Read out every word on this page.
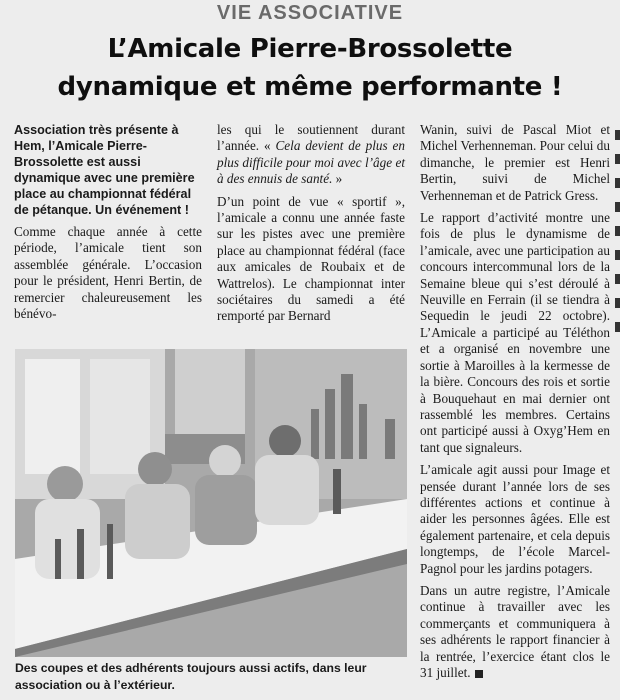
VIE ASSOCIATIVE
L’Amicale Pierre-Brossolette
dynamique et même performante !

Association très présente à Hem, l’Amicale Pierre-Brossolette est aussi dynamique avec une première place au championnat fédéral de pétanque. Un événement !

Comme chaque année à cette période, l’amicale tient son assemblée générale. L’occasion pour le président, Henri Bertin, de remercier chaleureusement les bénévo-

les qui le soutiennent durant l’année. « Cela devient de plus en plus difficile pour moi avec l’âge et à des ennuis de santé. »

D’un point de vue « sportif », l’amicale a connu une année faste sur les pistes avec une première place au championnat fédéral (face aux amicales de Roubaix et de Wattrelos). Le championnat inter sociétaires du samedi a été remporté par Bernard

Wanin, suivi de Pascal Miot et Michel Verhenneman. Pour celui du dimanche, le premier est Henri Bertin, suivi de Michel Verhenneman et de Patrick Gress.

Le rapport d’activité montre une fois de plus le dynamisme de l’amicale, avec une participation au concours intercommunal lors de la Semaine bleue qui s’est déroulé à Neuville en Ferrain (il se tiendra à Sequedin le jeudi 22 octobre). L’Amicale a participé au Téléthon et a organisé en novembre une sortie à Maroilles à la kermesse de la bière. Concours des rois et sortie à Bouquehaut en mai dernier ont rassemblé les membres. Certains ont participé aussi à Oxyg’Hem en tant que signaleurs.

L’amicale agit aussi pour Image et pensée durant l’année lors de ses différentes actions et continue à aider les personnes âgées. Elle est également partenaire, et cela depuis longtemps, de l’école Marcel-Pagnol pour les jardins potagers.

Dans un autre registre, l’Amicale continue à travailler avec les commerçants et communiquera à ses adhérents le rapport financier à la rentrée, l’exercice étant clos le 31 juillet.

Des coupes et des adhérents toujours aussi actifs, dans leur association ou à l’extérieur.
